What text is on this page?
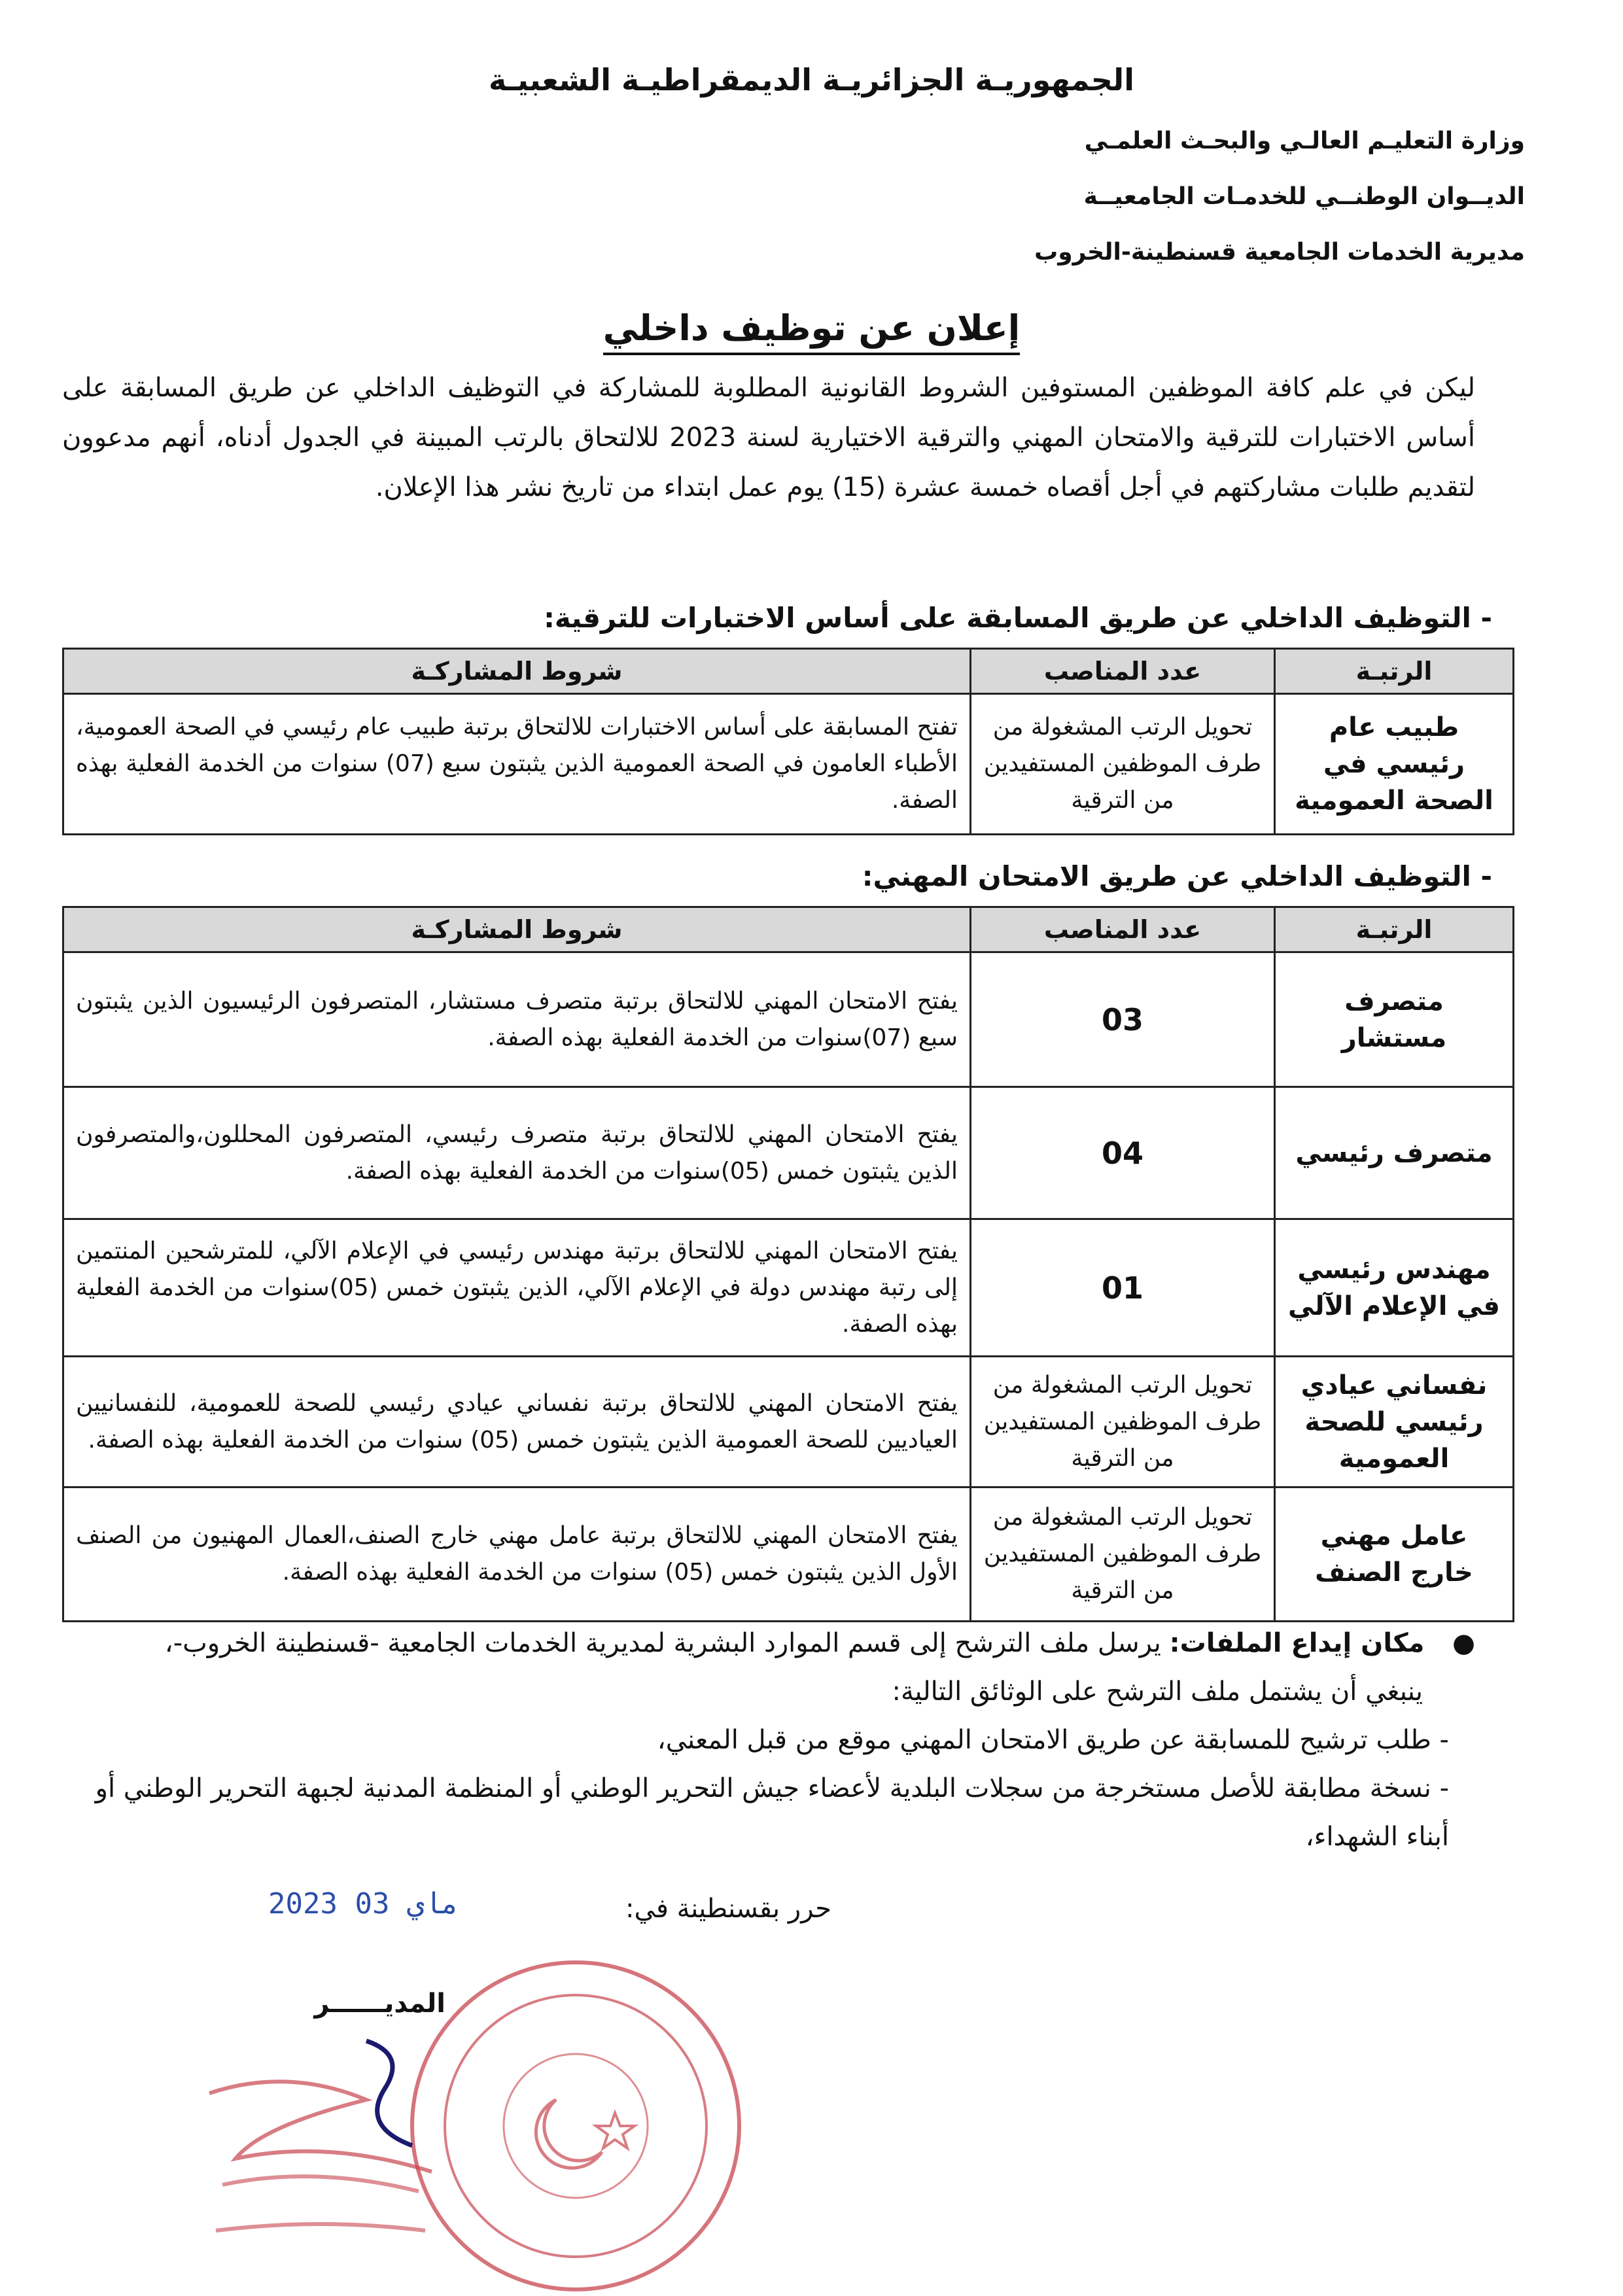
الجمهوريـة الجزائريـة الديمقراطيـة الشعبيـة
وزارة التعليـم العالـي والبحـث العلمـي
الديــوان الوطنــي للخدمـات الجامعيــة
مديرية الخدمات الجامعية قسنطينة-الخروب
إعلان عن توظيف داخلي
ليكن في علم كافة الموظفين المستوفين الشروط القانونية المطلوبة للمشاركة في التوظيف الداخلي عن طريق المسابقة على أساس الاختبارات للترقية والامتحان المهني والترقية الاختيارية لسنة 2023 للالتحاق بالرتب المبينة في الجدول أدناه، أنهم مدعوون لتقديم طلبات مشاركتهم في أجل أقصاه خمسة عشرة (15) يوم عمل ابتداء من تاريخ نشر هذا الإعلان.
- التوظيف الداخلي عن طريق المسابقة على أساس الاختبارات للترقية:
الرتبـة	عدد المناصب	شروط المشاركـة
طبيب عام رئيسي في الصحة العمومية	تحويل الرتب المشغولة من طرف الموظفين المستفيدين من الترقية	تفتح المسابقة على أساس الاختبارات للالتحاق برتبة طبيب عام رئيسي في الصحة العمومية، الأطباء العامون في الصحة العمومية الذين يثبتون سبع (07) سنوات من الخدمة الفعلية بهذه الصفة.
- التوظيف الداخلي عن طريق الامتحان المهني:
الرتبـة	عدد المناصب	شروط المشاركـة
متصرف مستشار	03	يفتح الامتحان المهني للالتحاق برتبة متصرف مستشار، المتصرفون الرئيسيون الذين يثبتون سبع (07)سنوات من الخدمة الفعلية بهذه الصفة.
متصرف رئيسي	04	يفتح الامتحان المهني للالتحاق برتبة متصرف رئيسي، المتصرفون المحللون،والمتصرفون الذين يثبتون خمس (05)سنوات من الخدمة الفعلية بهذه الصفة.
مهندس رئيسي في الإعلام الآلي	01	يفتح الامتحان المهني للالتحاق برتبة مهندس رئيسي في الإعلام الآلي، للمترشحين المنتمين إلى رتبة مهندس دولة في الإعلام الآلي، الذين يثبتون خمس (05)سنوات من الخدمة الفعلية بهذه الصفة.
نفساني عيادي رئيسي للصحة العمومية	تحويل الرتب المشغولة من طرف الموظفين المستفيدين من الترقية	يفتح الامتحان المهني للالتحاق برتبة نفساني عيادي رئيسي للصحة للعمومية، للنفسانيين العياديين للصحة العمومية الذين يثبتون خمس (05) سنوات من الخدمة الفعلية بهذه الصفة.
عامل مهني خارج الصنف	تحويل الرتب المشغولة من طرف الموظفين المستفيدين من الترقية	يفتح الامتحان المهني للالتحاق برتبة عامل مهني خارج الصنف،العمال المهنيون من الصنف الأول الذين يثبتون خمس (05) سنوات من الخدمة الفعلية بهذه الصفة.
● مكان إيداع الملفات: يرسل ملف الترشح إلى قسم الموارد البشرية لمديرية الخدمات الجامعية -قسنطينة الخروب-،
ينبغي أن يشتمل ملف الترشح على الوثائق التالية:
- طلب ترشيح للمسابقة عن طريق الامتحان المهني موقع من قبل المعني،
- نسخة مطابقة للأصل مستخرجة من سجلات البلدية لأعضاء جيش التحرير الوطني أو المنظمة المدنية لجبهة التحرير الوطني أو أبناء الشهداء،
حرر بقسنطينة في:
2023 ماي 03
المديــــــر
